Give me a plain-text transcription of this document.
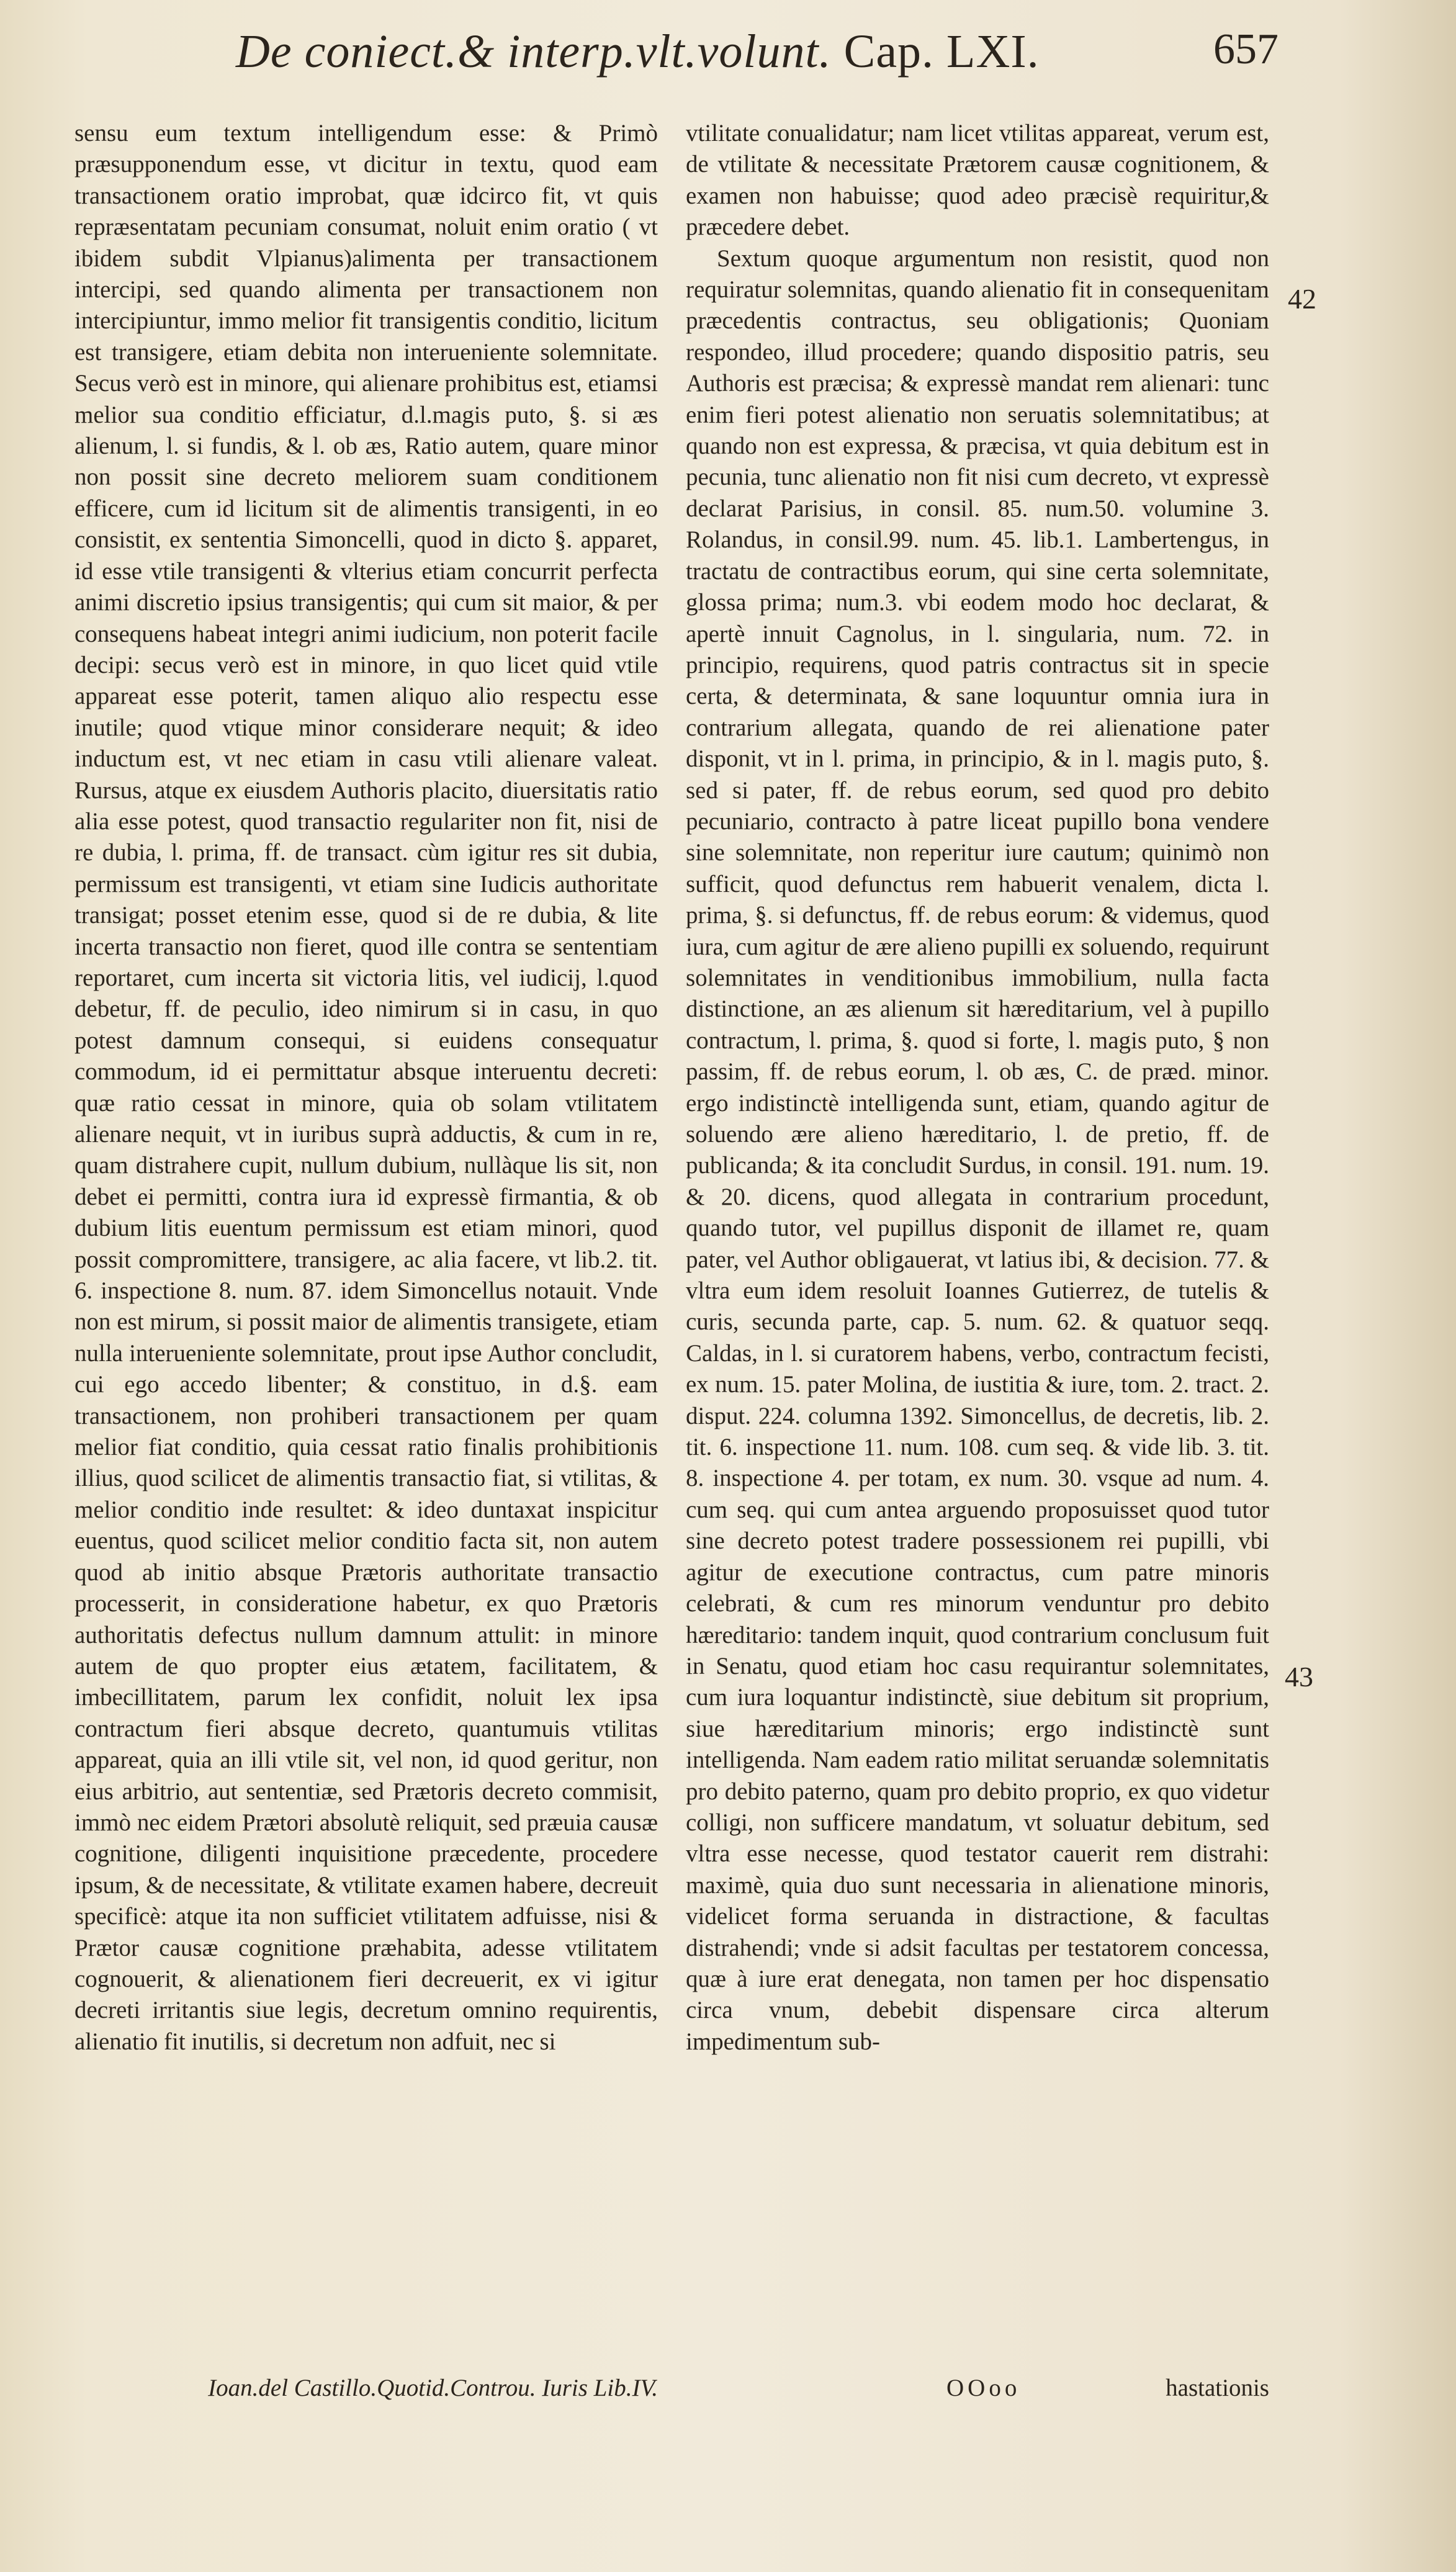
De coniect.& interp.vlt.volunt. Cap. LXI.	657

sensu eum textum intelligendum esse: & Primò præsupponendum esse, vt dicitur in textu, quod eam transactionem oratio improbat, quæ idcirco fit, vt quis repræsentatam pecuniam consumat, noluit enim oratio ( vt ibidem subdit Vlpianus)alimenta per transactionem intercipi, sed quando alimenta per transactionem non intercipiuntur, immo melior fit transigentis conditio, licitum est transigere, etiam debita non interueniente solemnitate. Secus verò est in minore, qui alienare prohibitus est, etiamsi melior sua conditio efficiatur, d.l.magis puto, §. si æs alienum, l. si fundis, & l. ob æs, Ratio autem, quare minor non possit sine decreto meliorem suam conditionem efficere, cum id licitum sit de alimentis transigenti, in eo consistit, ex sententia Simoncelli, quod in dicto §. apparet, id esse vtile transigenti & vlterius etiam concurrit perfecta animi discretio ipsius transigentis; qui cum sit maior, & per consequens habeat integri animi iudicium, non poterit facile decipi: secus verò est in minore, in quo licet quid vtile appareat esse poterit, tamen aliquo alio respectu esse inutile; quod vtique minor considerare nequit; & ideo inductum est, vt nec etiam in casu vtili alienare valeat. Rursus, atque ex eiusdem Authoris placito, diuersitatis ratio alia esse potest, quod transactio regulariter non fit, nisi de re dubia, l. prima, ff. de transact. cùm igitur res sit dubia, permissum est transigenti, vt etiam sine Iudicis authoritate transigat; posset etenim esse, quod si de re dubia, & lite incerta transactio non fieret, quod ille contra se sententiam reportaret, cum incerta sit victoria litis, vel iudicij, l.quod debetur, ff. de peculio, ideo nimirum si in casu, in quo potest damnum consequi, si euidens consequatur commodum, id ei permittatur absque interuentu decreti: quæ ratio cessat in minore, quia ob solam vtilitatem alienare nequit, vt in iuribus suprà adductis, & cum in re, quam distrahere cupit, nullum dubium, nullàque lis sit, non debet ei permitti, contra iura id expressè firmantia, & ob dubium litis euentum permissum est etiam minori, quod possit compromittere, transigere, ac alia facere, vt lib.2. tit. 6. inspectione 8. num. 87. idem Simoncellus notauit. Vnde non est mirum, si possit maior de alimentis transigete, etiam nulla interueniente solemnitate, prout ipse Author concludit, cui ego accedo libenter; & constituo, in d.§. eam transactionem, non prohiberi transactionem per quam melior fiat conditio, quia cessat ratio finalis prohibitionis illius, quod scilicet de alimentis transactio fiat, si vtilitas, & melior conditio inde resultet: & ideo duntaxat inspicitur euentus, quod scilicet melior conditio facta sit, non autem quod ab initio absque Prætoris authoritate transactio processerit, in consideratione habetur, ex quo Prætoris authoritatis defectus nullum damnum attulit: in minore autem de quo propter eius ætatem, facilitatem, & imbecillitatem, parum lex confidit, noluit lex ipsa contractum fieri absque decreto, quantumuis vtilitas appareat, quia an illi vtile sit, vel non, id quod geritur, non eius arbitrio, aut sententiæ, sed Prætoris decreto commisit, immò nec eidem Prætori absolutè reliquit, sed præuia causæ cognitione, diligenti inquisitione præcedente, procedere ipsum, & de necessitate, & vtilitate examen habere, decreuit specificè: atque ita non sufficiet vtilitatem adfuisse, nisi & Prætor causæ cognitione præhabita, adesse vtilitatem cognouerit, & alienationem fieri decreuerit, ex vi igitur decreti irritantis siue legis, decretum omnino requirentis, alienatio fit inutilis, si decretum non adfuit, nec si

vtilitate conualidatur; nam licet vtilitas appareat, verum est, de vtilitate & necessitate Prætorem causæ cognitionem, & examen non habuisse; quod adeo præcisè requiritur,& præcedere debet.

Sextum quoque argumentum non resistit, quod non requiratur solemnitas, quando alienatio fit in consequenitam præcedentis contractus, seu obligationis; Quoniam respondeo, illud procedere; quando dispositio patris, seu Authoris est præcisa; & expressè mandat rem alienari: tunc enim fieri potest alienatio non seruatis solemnitatibus; at quando non est expressa, & præcisa, vt quia debitum est in pecunia, tunc alienatio non fit nisi cum decreto, vt expressè declarat Parisius, in consil. 85. num.50. volumine 3. Rolandus, in consil.99. num. 45. lib.1. Lambertengus, in tractatu de contractibus eorum, qui sine certa solemnitate, glossa prima; num.3. vbi eodem modo hoc declarat, & apertè innuit Cagnolus, in l. singularia, num. 72. in principio, requirens, quod patris contractus sit in specie certa, & determinata, & sane loquuntur omnia iura in contrarium allegata, quando de rei alienatione pater disponit, vt in l. prima, in principio, & in l. magis puto, §. sed si pater, ff. de rebus eorum, sed quod pro debito pecuniario, contracto à patre liceat pupillo bona vendere sine solemnitate, non reperitur iure cautum; quinimò non sufficit, quod defunctus rem habuerit venalem, dicta l. prima, §. si defunctus, ff. de rebus eorum: & videmus, quod iura, cum agitur de ære alieno pupilli ex soluendo, requirunt solemnitates in venditionibus immobilium, nulla facta distinctione, an æs alienum sit hæreditarium, vel à pupillo contractum, l. prima, §. quod si forte, l. magis puto, § non passim, ff. de rebus eorum, l. ob æs, C. de præd. minor. ergo indistinctè intelligenda sunt, etiam, quando agitur de soluendo ære alieno hæreditario, l. de pretio, ff. de publicanda; & ita concludit Surdus, in consil. 191. num. 19. & 20. dicens, quod allegata in contrarium procedunt, quando tutor, vel pupillus disponit de illamet re, quam pater, vel Author obligauerat, vt latius ibi, & decision. 77. & vltra eum idem resoluit Ioannes Gutierrez, de tutelis & curis, secunda parte, cap. 5. num. 62. & quatuor seqq. Caldas, in l. si curatorem habens, verbo, contractum fecisti, ex num. 15. pater Molina, de iustitia & iure, tom. 2. tract. 2. disput. 224. columna 1392. Simoncellus, de decretis, lib. 2. tit. 6. inspectione 11. num. 108. cum seq. & vide lib. 3. tit. 8. inspectione 4. per totam, ex num. 30. vsque ad num. 4. cum seq. qui cum antea arguendo proposuisset quod tutor sine decreto potest tradere possessionem rei pupilli, vbi agitur de executione contractus, cum patre minoris celebrati, & cum res minorum venduntur pro debito hæreditario: tandem inquit, quod contrarium conclusum fuit in Senatu, quod etiam hoc casu requirantur solemnitates, cum iura loquantur indistinctè, siue debitum sit proprium, siue hæreditarium minoris; ergo indistinctè sunt intelligenda. Nam eadem ratio militat seruandæ solemnitatis pro debito paterno, quam pro debito proprio, ex quo videtur colligi, non sufficere mandatum, vt soluatur debitum, sed vltra esse necesse, quod testator cauerit rem distrahi: maximè, quia duo sunt necessaria in alienatione minoris, videlicet forma seruanda in distractione, & facultas distrahendi; vnde si adsit facultas per testatorem concessa, quæ à iure erat denegata, non tamen per hoc dispensatio circa vnum, debebit dispensare circa alterum impedimentum sub-

42
43
Ioan.del Castillo.Quotid.Controu. Iuris Lib.IV.	OOoo	hastationis
